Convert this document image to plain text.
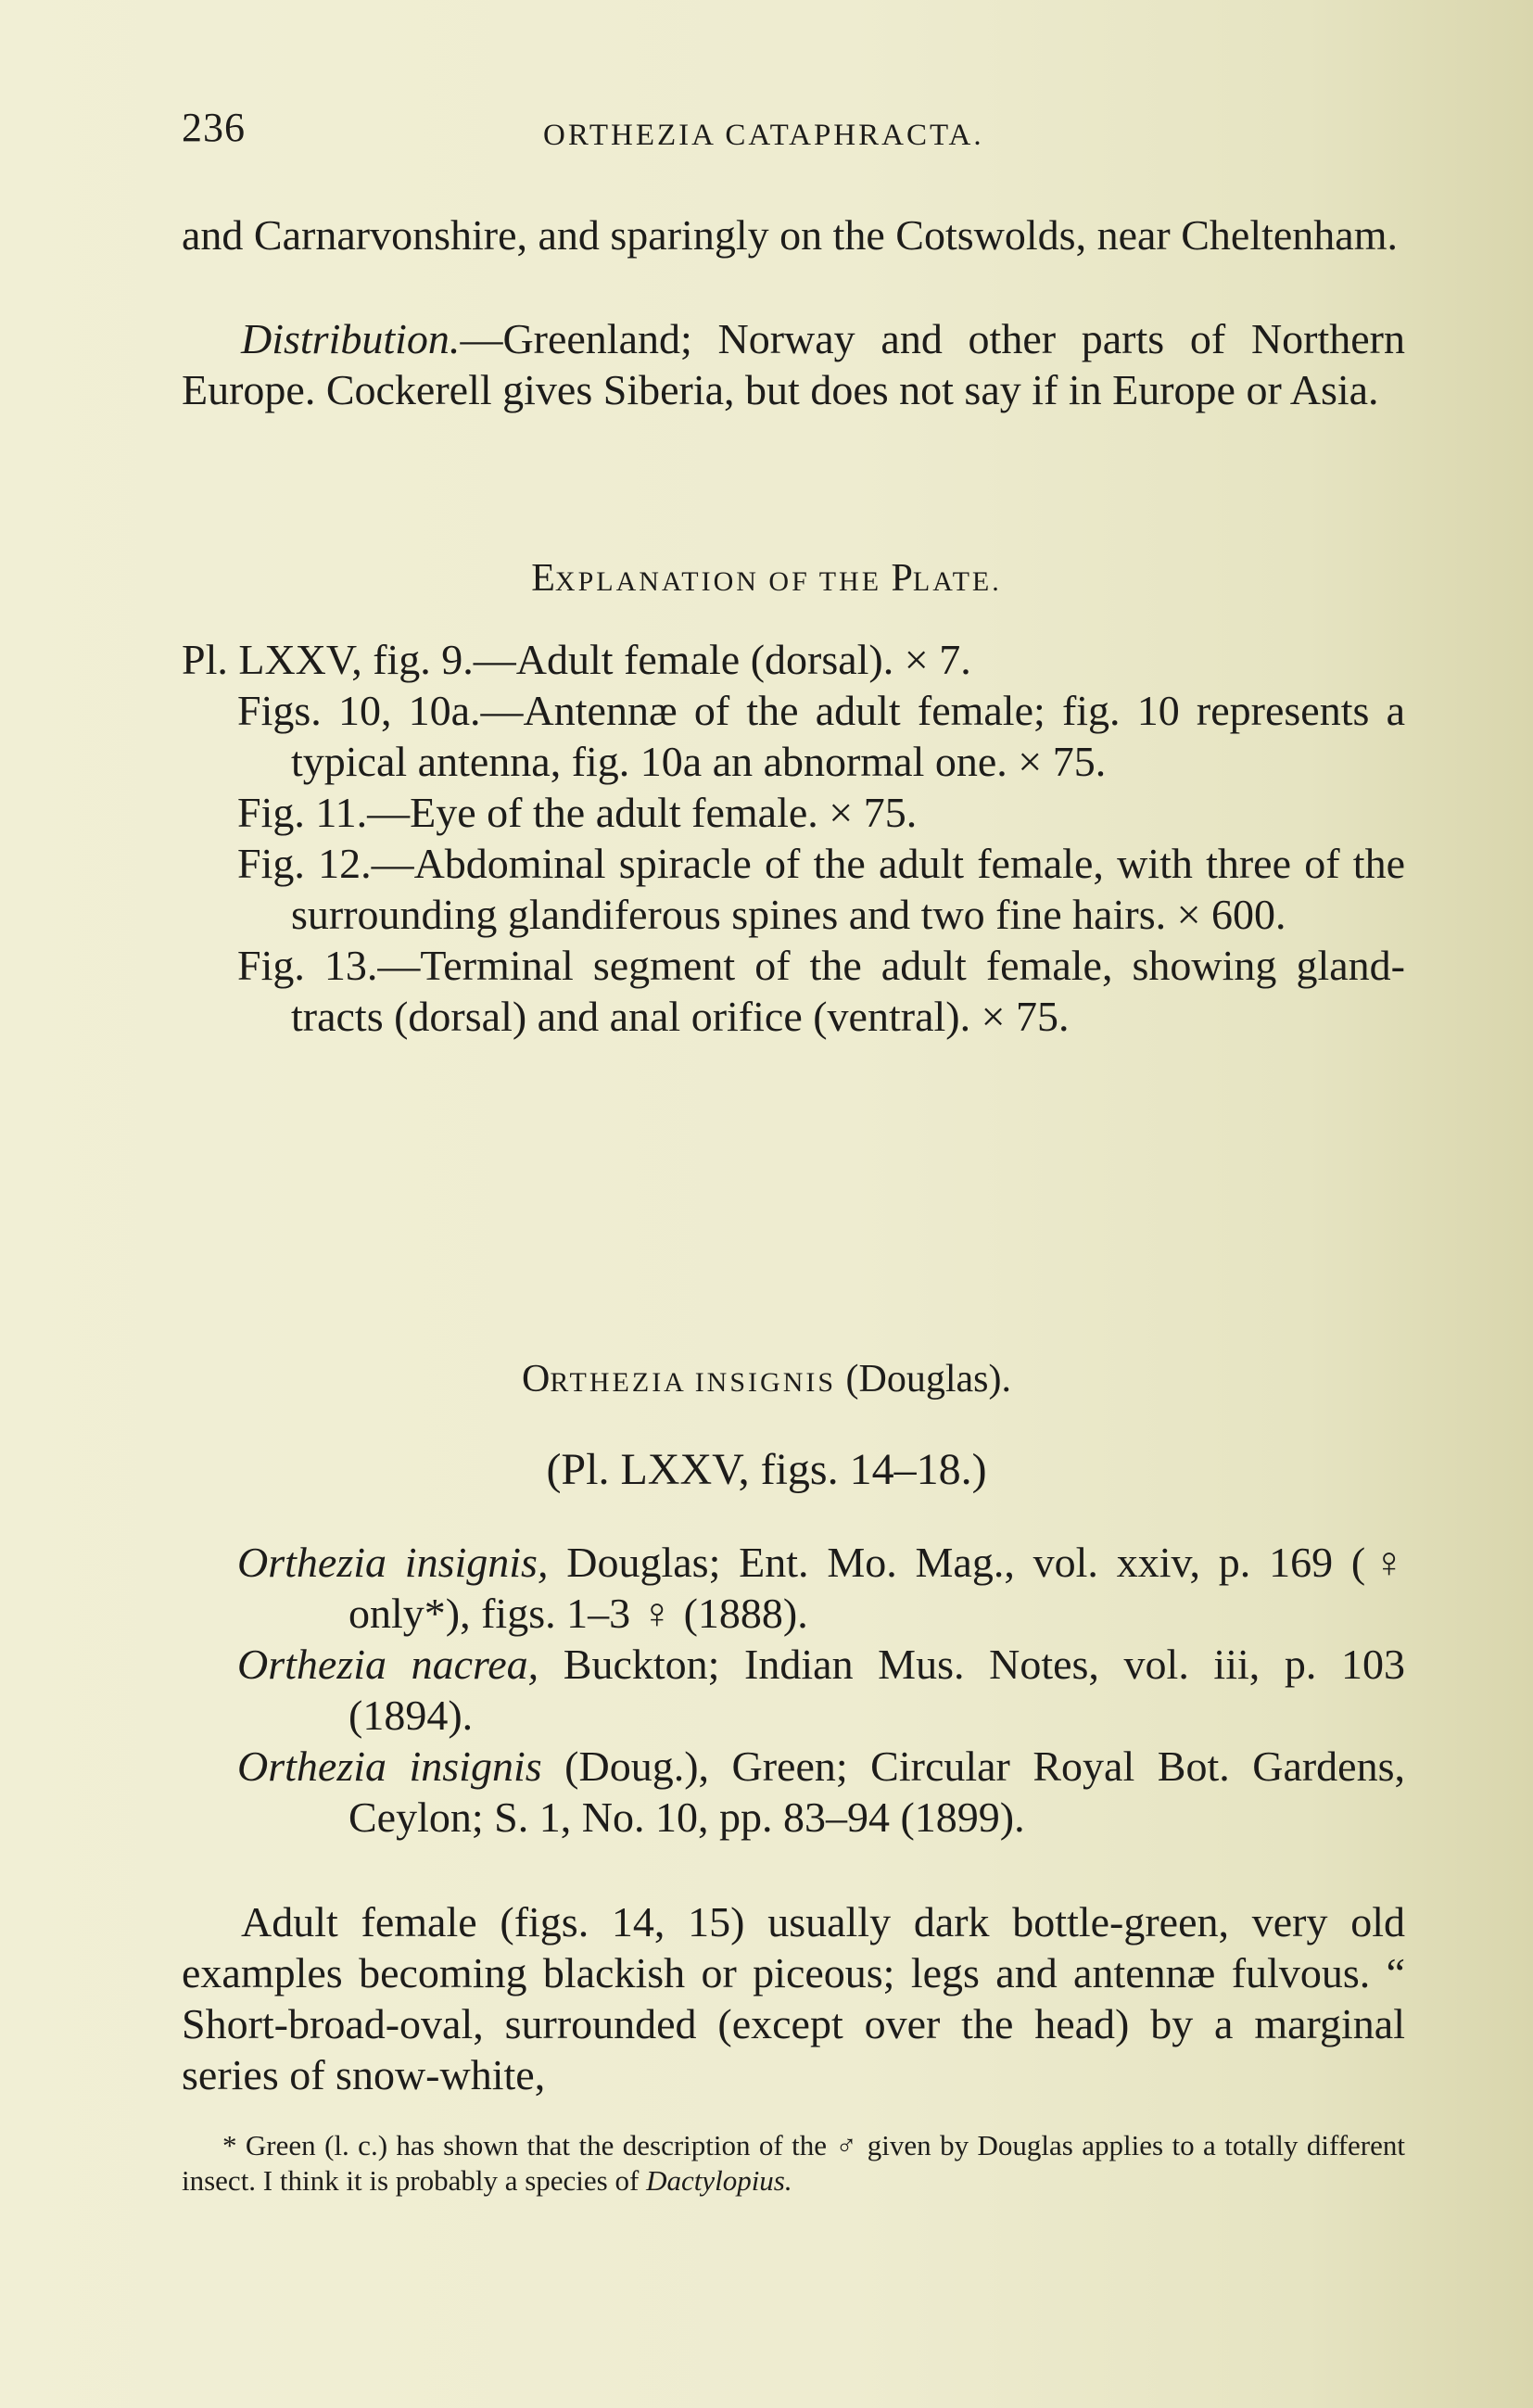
236	ORTHEZIA CATAPHRACTA.
and Carnarvonshire, and sparingly on the Cotswolds, near Cheltenham.
Distribution.—Greenland; Norway and other parts of Northern Europe. Cockerell gives Siberia, but does not say if in Europe or Asia.
EXPLANATION OF THE PLATE.
Pl. LXXV, fig. 9.—Adult female (dorsal). × 7.
Figs. 10, 10a.—Antennæ of the adult female; fig. 10 represents a typical antenna, fig. 10a an abnormal one. × 75.
Fig. 11.—Eye of the adult female. × 75.
Fig. 12.—Abdominal spiracle of the adult female, with three of the surrounding glandiferous spines and two fine hairs. × 600.
Fig. 13.—Terminal segment of the adult female, showing gland-tracts (dorsal) and anal orifice (ventral). × 75.
ORTHEZIA INSIGNIS (Douglas).
(Pl. LXXV, figs. 14–18.)
Orthezia insignis, Douglas; Ent. Mo. Mag., vol. xxiv, p. 169 (♀ only*), figs. 1–3 ♀ (1888).
Orthezia nacrea, Buckton; Indian Mus. Notes, vol. iii, p. 103 (1894).
Orthezia insignis (Doug.), Green; Circular Royal Bot. Gardens, Ceylon; S. 1, No. 10, pp. 83–94 (1899).
Adult female (figs. 14, 15) usually dark bottle-green, very old examples becoming blackish or piceous; legs and antennæ fulvous. “ Short-broad-oval, surrounded (except over the head) by a marginal series of snow-white,
* Green (l. c.) has shown that the description of the ♂ given by Douglas applies to a totally different insect. I think it is probably a species of Dactylopius.
